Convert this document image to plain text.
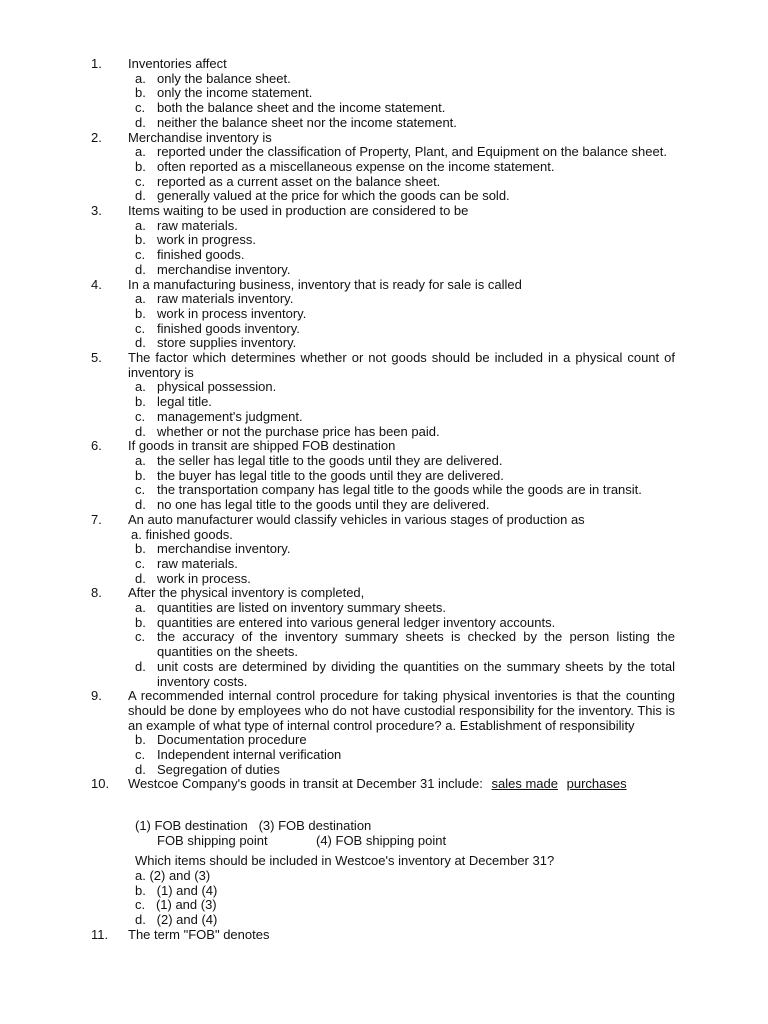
1.	Inventories affect
a. only the balance sheet.
b. only the income statement.
c. both the balance sheet and the income statement.
d. neither the balance sheet nor the income statement.
2.	Merchandise inventory is
a. reported under the classification of Property, Plant, and Equipment on the balance sheet.
b. often reported as a miscellaneous expense on the income statement.
c. reported as a current asset on the balance sheet.
d. generally valued at the price for which the goods can be sold.
3.	Items waiting to be used in production are considered to be
a. raw materials.
b. work in progress.
c. finished goods.
d. merchandise inventory.
4.	In a manufacturing business, inventory that is ready for sale is called
a. raw materials inventory.
b. work in process inventory.
c. finished goods inventory.
d. store supplies inventory.
5.	The factor which determines whether or not goods should be included in a physical count of inventory is
a. physical possession.
b. legal title.
c. management's judgment.
d. whether or not the purchase price has been paid.
6.	If goods in transit are shipped FOB destination
a. the seller has legal title to the goods until they are delivered.
b. the buyer has legal title to the goods until they are delivered.
c. the transportation company has legal title to the goods while the goods are in transit.
d. no one has legal title to the goods until they are delivered.
7.	An auto manufacturer would classify vehicles in various stages of production as
a. finished goods.
b. merchandise inventory.
c. raw materials.
d. work in process.
8.	After the physical inventory is completed,
a. quantities are listed on inventory summary sheets.
b. quantities are entered into various general ledger inventory accounts.
c. the accuracy of the inventory summary sheets is checked by the person listing the quantities on the sheets.
d. unit costs are determined by dividing the quantities on the summary sheets by the total inventory costs.
9.	A recommended internal control procedure for taking physical inventories is that the counting should be done by employees who do not have custodial responsibility for the inventory. This is an example of what type of internal control procedure? a. Establishment of responsibility
b. Documentation procedure
c. Independent internal verification
d. Segregation of duties
10.	Westcoe Company's goods in transit at December 31 include: sales made purchases

(1) FOB destination (3) FOB destination
FOB shipping point	(4) FOB shipping point
Which items should be included in Westcoe's inventory at December 31?
a. (2) and (3)
b.   (1) and (4)
c.   (1) and (3)
d.   (2) and (4)
11.	The term "FOB" denotes
